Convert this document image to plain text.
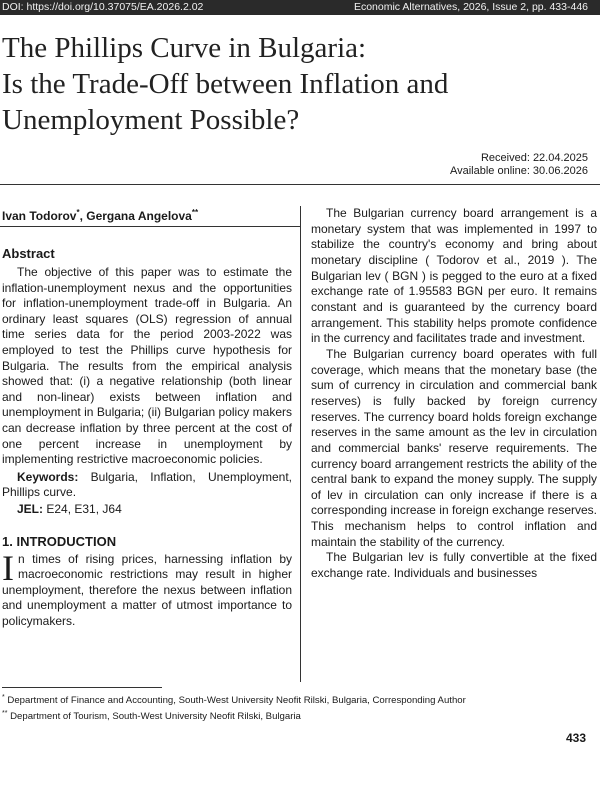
DOI: https://doi.org/10.37075/EA.2026.2.02	Economic Alternatives, 2026, Issue 2, pp. 433-446
The Phillips Curve in Bulgaria:
Is the Trade-Off between Inflation and
Unemployment Possible?
Received: 22.04.2025
Available online: 30.06.2026
Ivan Todorov*, Gergana Angelova**
Abstract

The objective of this paper was to estimate the inflation-unemployment nexus and the opportunities for inflation-unemployment trade-off in Bulgaria. An ordinary least squares (OLS) regression of annual time series data for the period 2003-2022 was employed to test the Phillips curve hypothesis for Bulgaria. The results from the empirical analysis showed that: (i) a negative relationship (both linear and non-linear) exists between inflation and unemployment in Bulgaria; (ii) Bulgarian policy makers can decrease inflation by three percent at the cost of one percent increase in unemployment by implementing restrictive macroeconomic policies.

Keywords: Bulgaria, Inflation, Unemployment, Phillips curve.

JEL: E24, E31, J64
1. INTRODUCTION

In times of rising prices, harnessing inflation by macroeconomic restrictions may result in higher unemployment, therefore the nexus between inflation and unemployment a matter of utmost importance to policymakers.

The Bulgarian currency board arrangement is a monetary system that was implemented in 1997 to stabilize the country's economy and bring about monetary discipline ( Todorov et al., 2019 ). The Bulgarian lev ( BGN ) is pegged to the euro at a fixed exchange rate of 1.95583 BGN per euro. It remains constant and is guaranteed by the currency board arrangement. This stability helps promote confidence in the currency and facilitates trade and investment.

The Bulgarian currency board operates with full coverage, which means that the monetary base (the sum of currency in circulation and commercial bank reserves) is fully backed by foreign currency reserves. The currency board holds foreign exchange reserves in the same amount as the lev in circulation and commercial banks' reserve requirements. The currency board arrangement restricts the ability of the central bank to expand the money supply. The supply of lev in circulation can only increase if there is a corresponding increase in foreign exchange reserves. This mechanism helps to control inflation and maintain the stability of the currency.

The Bulgarian lev is fully convertible at the fixed exchange rate. Individuals and businesses

* Department of Finance and Accounting, South-West University Neofit Rilski, Bulgaria, Corresponding Author
** Department of Tourism, South-West University Neofit Rilski, Bulgaria
433
